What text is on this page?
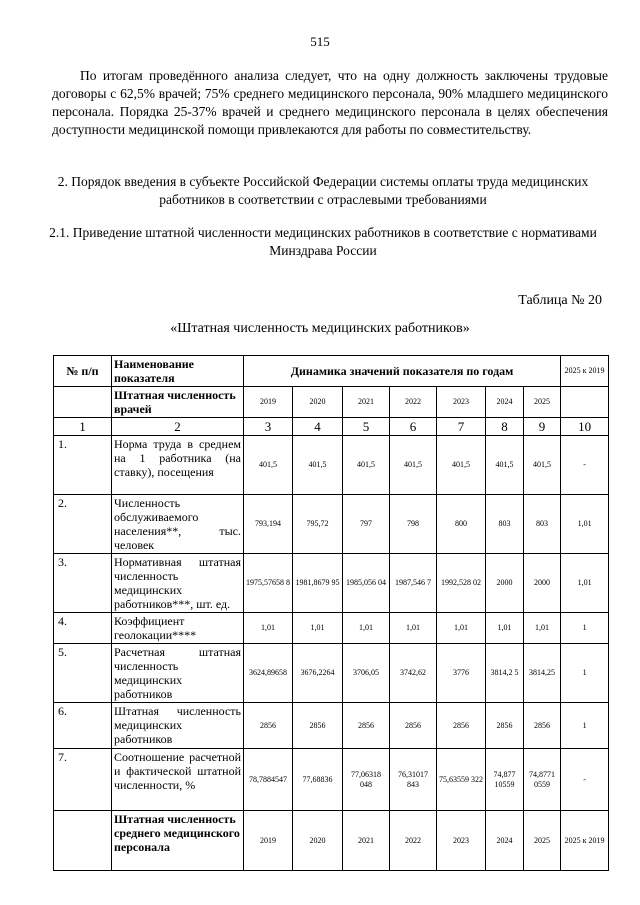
515
По итогам проведённого анализа следует, что на одну должность заключены трудовые договоры с 62,5% врачей; 75% среднего медицинского персонала, 90% младшего медицинского персонала. Порядка 25-37% врачей и среднего медицинского персонала в целях обеспечения доступности медицинской помощи привлекаются для работы по совместительству.
2. Порядок введения в субъекте Российской Федерации системы оплаты труда медицинских работников в соответствии с отраслевыми требованиями
2.1. Приведение штатной численности медицинских работников в соответствие с нормативами Минздрава России
Таблица № 20
«Штатная численность медицинских работников»
№ п/п	Наименование показателя	Динамика значений показателя по годам							2025 к 2019
	Штатная численность врачей	2019	2020	2021	2022	2023	2024	2025	
1	2	3	4	5	6	7	8	9	10
1.	Норма труда в среднем на 1 работника (на ставку), посещения	401,5	401,5	401,5	401,5	401,5	401,5	401,5	-
2.	Численность обслуживаемого населения**, тыс. человек	793,194	795,72	797	798	800	803	803	1,01
3.	Нормативная штатная численность медицинских работников***, шт. ед.	1975,57658 8	1981,8679 95	1985,056 04	1987,546 7	1992,528 02	2000	2000	1,01
4.	Коэффициент геолокации****	1,01	1,01	1,01	1,01	1,01	1,01	1,01	1
5.	Расчетная штатная численность медицинских работников	3624,89658	3676,2264	3706,05	3742,62	3776	3814,2 5	3814,25	1
6.	Штатная численность медицинских работников	2856	2856	2856	2856	2856	2856	2856	1
7.	Соотношение расчетной и фактической штатной численности, %	78,7884547	77,68836	77,06318 048	76,31017 843	75,63559 322	74,877 10559	74,8771 0559	-
	Штатная численность среднего медицинского персонала	2019	2020	2021	2022	2023	2024	2025	2025 к 2019
